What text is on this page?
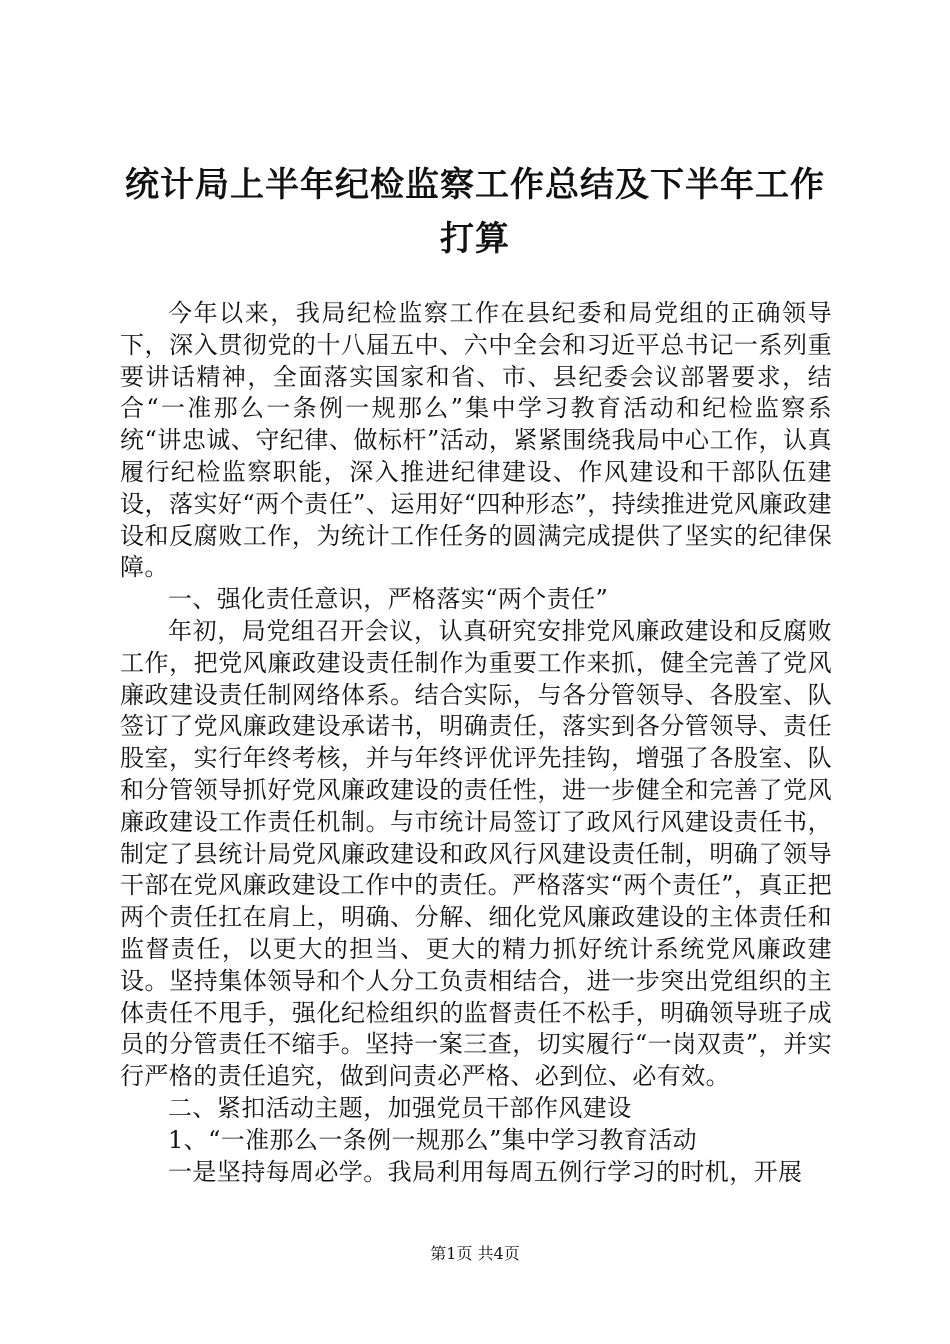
统计局上半年纪检监察工作总结及下半年工作打算

今年以来，我局纪检监察工作在县纪委和局党组的正确领导下，深入贯彻党的十八届五中、六中全会和习近平总书记一系列重要讲话精神，全面落实国家和省、市、县纪委会议部署要求，结合“一准那么一条例一规那么”集中学习教育活动和纪检监察系统“讲忠诚、守纪律、做标杆”活动，紧紧围绕我局中心工作，认真履行纪检监察职能，深入推进纪律建设、作风建设和干部队伍建设，落实好“两个责任”、运用好“四种形态”，持续推进党风廉政建设和反腐败工作，为统计工作任务的圆满完成提供了坚实的纪律保障。

一、强化责任意识，严格落实“两个责任”

年初，局党组召开会议，认真研究安排党风廉政建设和反腐败工作，把党风廉政建设责任制作为重要工作来抓，健全完善了党风廉政建设责任制网络体系。结合实际，与各分管领导、各股室、队签订了党风廉政建设承诺书，明确责任，落实到各分管领导、责任股室，实行年终考核，并与年终评优评先挂钩，增强了各股室、队和分管领导抓好党风廉政建设的责任性，进一步健全和完善了党风廉政建设工作责任机制。与市统计局签订了政风行风建设责任书，制定了县统计局党风廉政建设和政风行风建设责任制，明确了领导干部在党风廉政建设工作中的责任。严格落实“两个责任”，真正把两个责任扛在肩上，明确、分解、细化党风廉政建设的主体责任和监督责任，以更大的担当、更大的精力抓好统计系统党风廉政建设。坚持集体领导和个人分工负责相结合，进一步突出党组织的主体责任不甩手，强化纪检组织的监督责任不松手，明确领导班子成员的分管责任不缩手。坚持一案三查，切实履行“一岗双责”，并实行严格的责任追究，做到问责必严格、必到位、必有效。

二、紧扣活动主题，加强党员干部作风建设

1、“一准那么一条例一规那么”集中学习教育活动

一是坚持每周必学。我局利用每周五例行学习的时机，开展

第1页 共4页
